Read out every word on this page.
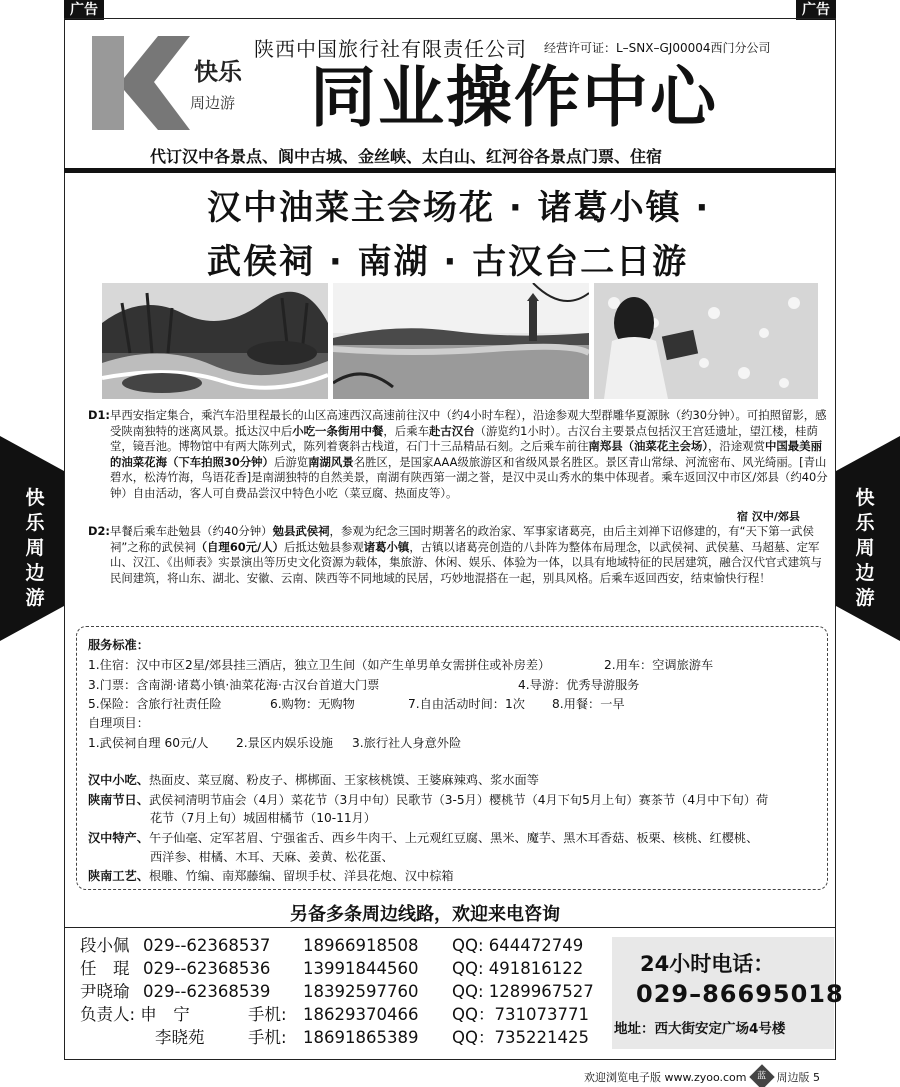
广告	广告
快乐周边游
快乐周边游
快乐
周边游
陕西中国旅行社有限责任公司 经营许可证：L–SNX–GJ00004西门分公司
同业操作中心
代订汉中各景点、阆中古城、金丝峡、太白山、红河谷各景点门票、住宿
汉中油菜主会场花 · 诸葛小镇 ·
武侯祠 · 南湖 · 古汉台二日游
D1: 早西安指定集合，乘汽车沿里程最长的山区高速西汉高速前往汉中（约4小时车程），沿途参观大型群雕华夏源脉（约30分钟）。可拍照留影，感受陕南独特的迷离风景。抵达汉中后小吃一条街用中餐，后乘车赴古汉台（游览约1小时）。古汉台主要景点包括汉王宫廷遗址，望江楼，桂荫堂，镜吾池。博物馆中有两大陈列式，陈列着褒斜古栈道，石门十三品精品石刻。之后乘车前往南郑县（油菜花主会场），沿途观赏中国最美丽的油菜花海（下车拍照30分钟）后游览南湖风景名胜区，是国家AAA级旅游区和省级风景名胜区。景区青山常绿、河流密布、风光绮丽。[青山碧水，松涛竹海，鸟语花香]是南湖独特的自然美景，南湖有陕西第一湖之誉，是汉中灵山秀水的集中体现者。乘车返回汉中市区/郊县（约40分钟）自由活动，客人可自费品尝汉中特色小吃（菜豆腐、热面皮等）。
宿 汉中/郊县
D2: 早餐后乘车赴勉县（约40分钟）勉县武侯祠，参观为纪念三国时期著名的政治家、军事家诸葛亮，由后主刘禅下诏修建的，有“天下第一武侯祠”之称的武侯祠（自理60元/人）后抵达勉县参观诸葛小镇，古镇以诸葛亮创造的八卦阵为整体布局理念，以武侯祠、武侯墓、马超墓、定军山、汉江、《出师表》实景演出等历史文化资源为载体，集旅游、休闲、娱乐、体验为一体，以具有地域特征的民居建筑，融合汉代官式建筑与民间建筑，将山东、湖北、安徽、云南、陕西等不同地域的民居，巧妙地混搭在一起，别具风格。后乘车返回西安，结束愉快行程！
服务标准：
1.住宿：汉中市区2星/郊县挂三酒店，独立卫生间（如产生单男单女需拼住或补房差）	2.用车：空调旅游车
3.门票：含南湖·诸葛小镇·油菜花海·古汉台首道大门票	4.导游：优秀导游服务
5.保险：含旅行社责任险	6.购物：无购物	7.自由活动时间：1次 8.用餐：一早
自理项目：
1.武侯祠自理 60元/人 2.景区内娱乐设施 3.旅行社人身意外险
汉中小吃、热面皮、菜豆腐、粉皮子、梆梆面、王家核桃馍、王婆麻辣鸡、浆水面等
陕南节日、武侯祠清明节庙会（4月）菜花节（3月中旬）民歌节（3-5月）樱桃节（4月下旬5月上旬）赛茶节（4月中下旬）荷
花节（7月上旬）城固柑橘节（10-11月）
汉中特产、午子仙毫、定军茗眉、宁强雀舌、西乡牛肉干、上元观红豆腐、黑米、魔芋、黑木耳香菇、板栗、核桃、红樱桃、
西洋参、柑橘、木耳、天麻、姜黄、松花蛋、
陕南工艺、根雕、竹编、南郑藤编、留坝手杖、洋县花炮、汉中棕箱
另备多条周边线路，欢迎来电咨询
段小佩 029--62368537 18966918508 QQ: 644472749
任　琨 029--62368536 13991844560 QQ: 491816122
尹晓瑜 029--62368539 18392597760 QQ: 1289967527
负责人: 申　宁	手机: 18629370466 QQ：731073771
李晓苑	手机: 18691865389 QQ：735221425
24小时电话：
029–86695018
地址：西大街安定广场4号楼
欢迎浏览电子版 www.zyoo.com	蓝 周边版 5
